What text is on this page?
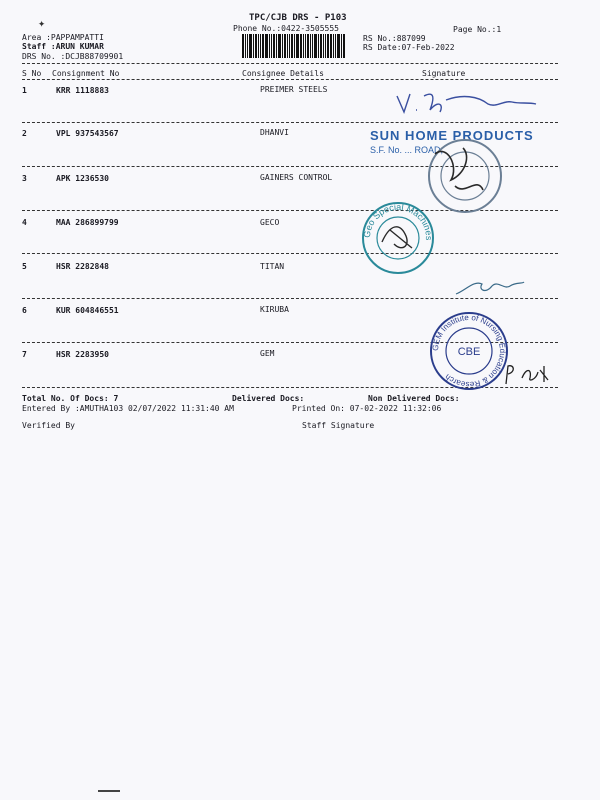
✦	TPC/CJB DRS - P103
Phone No.:0422-3505555	Page No.:1
Area :PAPPAMPATTI
Staff :ARUN KUMAR
DRS No. :DCJB88709901
RS No.:887099
RS Date:07-Feb-2022
S No Consignment No	Consignee Details	Signature
1	KRR 1118883	PREIMER STEELS
2	VPL 937543567	DHANVI
3	APK 1236530	GAINERS CONTROL
4	MAA 286899799	GECO
5	HSR 2282848	TITAN
6	KUR 604846551	KIRUBA
7	HSR 2283950	GEM
Total No. Of Docs: 7	Delivered Docs:	Non Delivered Docs:
Entered By :AMUTHA103 02/07/2022 11:31:40 AM	Printed On: 07-02-2022 11:32:06
Verified By	Staff Signature
SUN HOME PRODUCTS
S.F. No. ... ROAD,
Geo Special Machines
GEM Institute of Nursing Education & Research
CBE
